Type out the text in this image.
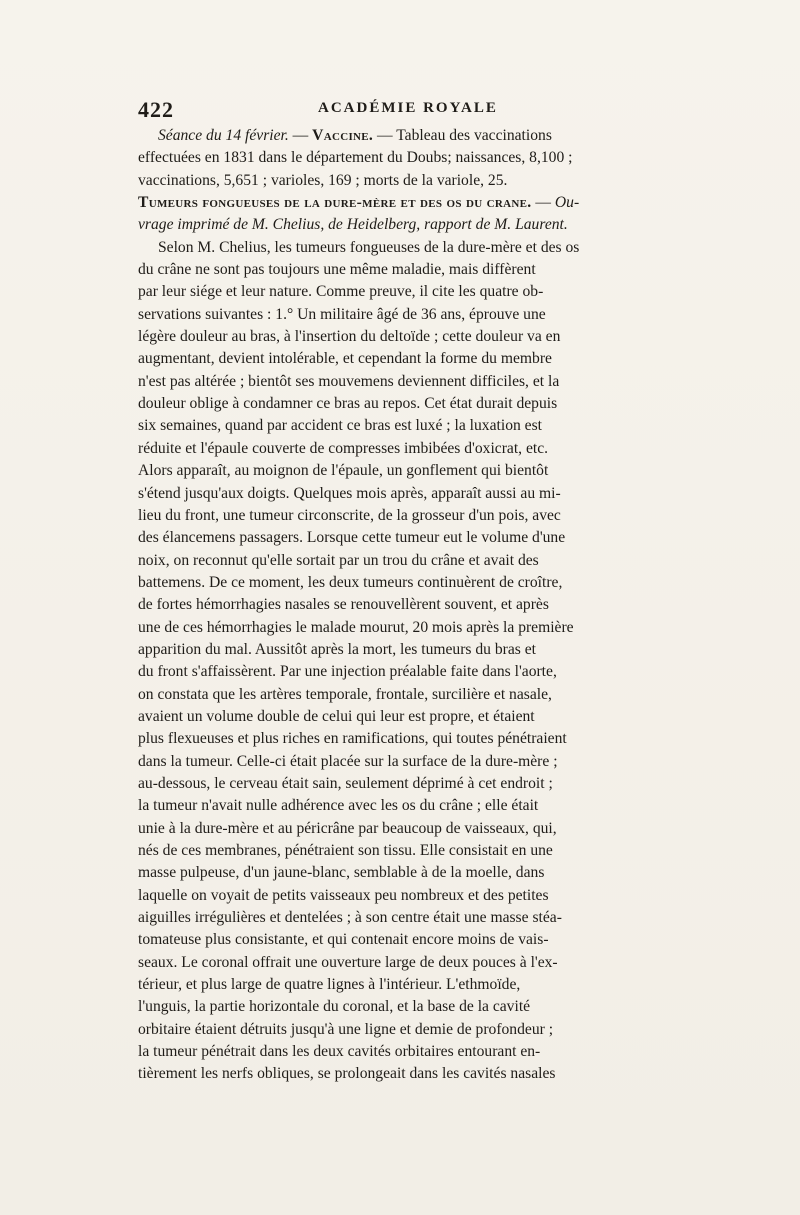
422	ACADÉMIE ROYALE
Séance du 14 février. — Vaccine. — Tableau des vaccinations
effectuées en 1831 dans le département du Doubs; naissances, 8,100 ;
vaccinations, 5,651 ; varioles, 169 ; morts de la variole, 25.
Tumeurs fongueuses de la dure-mère et des os du crane. — Ou-
vrage imprimé de M. Chelius, de Heidelberg, rapport de M. Laurent.
Selon M. Chelius, les tumeurs fongueuses de la dure-mère et des os
du crâne ne sont pas toujours une même maladie, mais diffèrent
par leur siége et leur nature. Comme preuve, il cite les quatre ob-
servations suivantes : 1.° Un militaire âgé de 36 ans, éprouve une
légère douleur au bras, à l'insertion du deltoïde ; cette douleur va en
augmentant, devient intolérable, et cependant la forme du membre
n'est pas altérée ; bientôt ses mouvemens deviennent difficiles, et la
douleur oblige à condamner ce bras au repos. Cet état durait depuis
six semaines, quand par accident ce bras est luxé ; la luxation est
réduite et l'épaule couverte de compresses imbibées d'oxicrat, etc.
Alors apparaît, au moignon de l'épaule, un gonflement qui bientôt
s'étend jusqu'aux doigts. Quelques mois après, apparaît aussi au mi-
lieu du front, une tumeur circonscrite, de la grosseur d'un pois, avec
des élancemens passagers. Lorsque cette tumeur eut le volume d'une
noix, on reconnut qu'elle sortait par un trou du crâne et avait des
battemens. De ce moment, les deux tumeurs continuèrent de croître,
de fortes hémorrhagies nasales se renouvellèrent souvent, et après
une de ces hémorrhagies le malade mourut, 20 mois après la première
apparition du mal. Aussitôt après la mort, les tumeurs du bras et
du front s'affaissèrent. Par une injection préalable faite dans l'aorte,
on constata que les artères temporale, frontale, surcilière et nasale,
avaient un volume double de celui qui leur est propre, et étaient
plus flexueuses et plus riches en ramifications, qui toutes pénétraient
dans la tumeur. Celle-ci était placée sur la surface de la dure-mère ;
au-dessous, le cerveau était sain, seulement déprimé à cet endroit ;
la tumeur n'avait nulle adhérence avec les os du crâne ; elle était
unie à la dure-mère et au péricrâne par beaucoup de vaisseaux, qui,
nés de ces membranes, pénétraient son tissu. Elle consistait en une
masse pulpeuse, d'un jaune-blanc, semblable à de la moelle, dans
laquelle on voyait de petits vaisseaux peu nombreux et des petites
aiguilles irrégulières et dentelées ; à son centre était une masse stéa-
tomateuse plus consistante, et qui contenait encore moins de vais-
seaux. Le coronal offrait une ouverture large de deux pouces à l'ex-
térieur, et plus large de quatre lignes à l'intérieur. L'ethmoïde,
l'unguis, la partie horizontale du coronal, et la base de la cavité
orbitaire étaient détruits jusqu'à une ligne et demie de profondeur ;
la tumeur pénétrait dans les deux cavités orbitaires entourant en-
tièrement les nerfs obliques, se prolongeait dans les cavités nasales
